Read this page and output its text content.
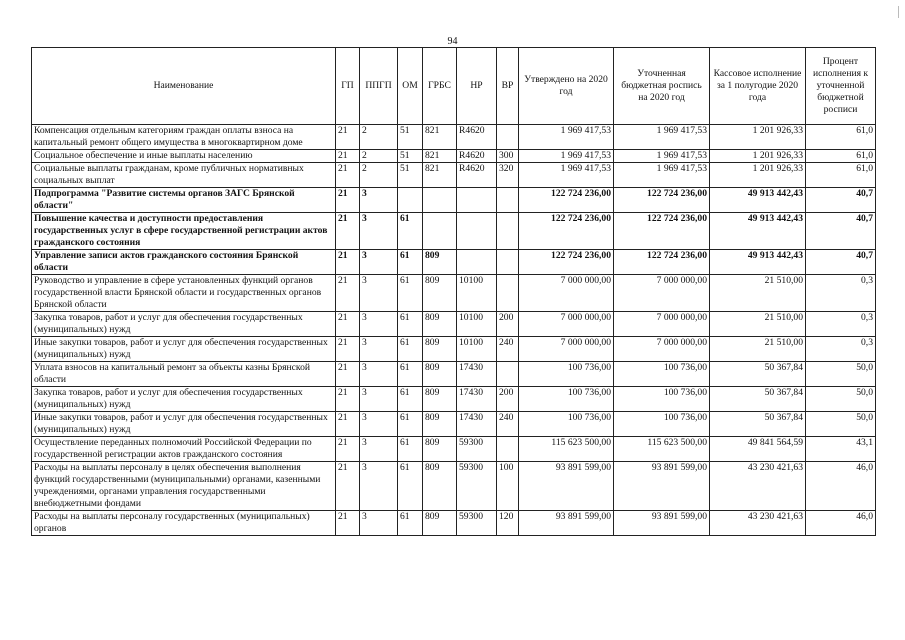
94
Наименование	ГП	ППГП	ОМ	ГРБС	НР	ВР	Утверждено на 2020 год	Уточненная бюджетная роспись на 2020 год	Кассовое исполнение за 1 полугодие 2020 года	Процент исполнения к уточненной бюджетной росписи
Компенсация отдельным категориям граждан оплаты взноса на капитальный ремонт общего имущества в многоквартирном доме	21	2	51	821	R4620		1 969 417,53	1 969 417,53	1 201 926,33	61,0
Социальное обеспечение и иные выплаты населению	21	2	51	821	R4620	300	1 969 417,53	1 969 417,53	1 201 926,33	61,0
Социальные выплаты гражданам, кроме публичных нормативных социальных выплат	21	2	51	821	R4620	320	1 969 417,53	1 969 417,53	1 201 926,33	61,0
Подпрограмма "Развитие системы органов ЗАГС Брянской области"	21	3					122 724 236,00	122 724 236,00	49 913 442,43	40,7
Повышение качества и доступности предоставления государственных услуг в сфере государственной регистрации актов гражданского состояния	21	3	61				122 724 236,00	122 724 236,00	49 913 442,43	40,7
Управление записи актов гражданского состояния Брянской области	21	3	61	809			122 724 236,00	122 724 236,00	49 913 442,43	40,7
Руководство и управление в сфере установленных функций органов государственной власти Брянской области и государственных органов Брянской области	21	3	61	809	10100		7 000 000,00	7 000 000,00	21 510,00	0,3
Закупка товаров, работ и услуг для обеспечения государственных (муниципальных) нужд	21	3	61	809	10100	200	7 000 000,00	7 000 000,00	21 510,00	0,3
Иные закупки товаров, работ и услуг для обеспечения государственных (муниципальных) нужд	21	3	61	809	10100	240	7 000 000,00	7 000 000,00	21 510,00	0,3
Уплата взносов на капитальный ремонт за объекты казны Брянской области	21	3	61	809	17430		100 736,00	100 736,00	50 367,84	50,0
Закупка товаров, работ и услуг для обеспечения государственных (муниципальных) нужд	21	3	61	809	17430	200	100 736,00	100 736,00	50 367,84	50,0
Иные закупки товаров, работ и услуг для обеспечения государственных (муниципальных) нужд	21	3	61	809	17430	240	100 736,00	100 736,00	50 367,84	50,0
Осуществление переданных полномочий Российской Федерации по государственной регистрации актов гражданского состояния	21	3	61	809	59300		115 623 500,00	115 623 500,00	49 841 564,59	43,1
Расходы на выплаты персоналу в целях обеспечения выполнения функций государственными (муниципальными) органами, казенными учреждениями, органами управления государственными внебюджетными фондами	21	3	61	809	59300	100	93 891 599,00	93 891 599,00	43 230 421,63	46,0
Расходы на выплаты персоналу государственных (муниципальных) органов	21	3	61	809	59300	120	93 891 599,00	93 891 599,00	43 230 421,63	46,0
